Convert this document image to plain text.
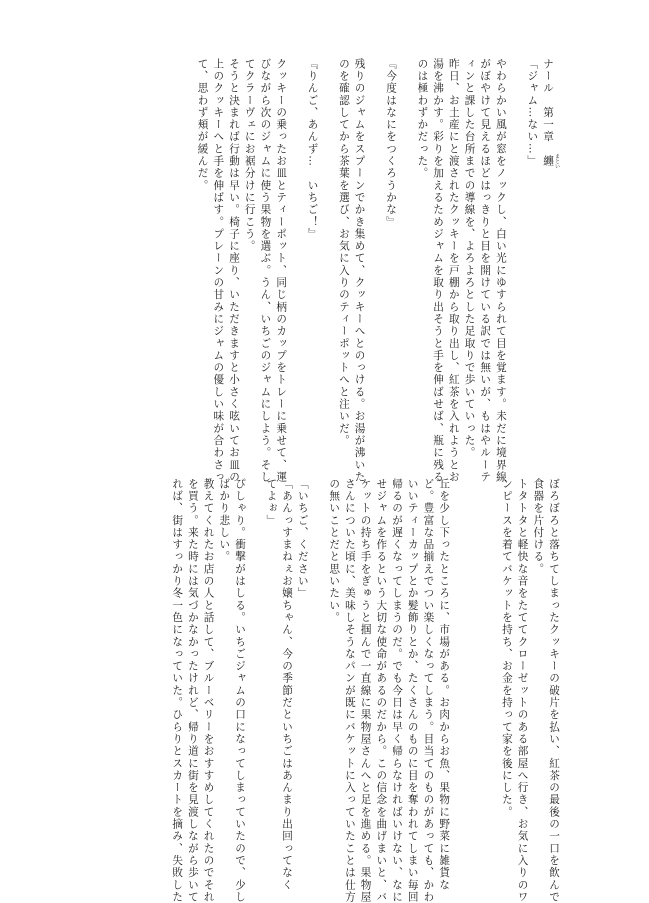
ナール　第一章　纏 まとい

「ジャム…ない…」

やわらかい風が窓をノックし、白い光にゆすられて目を覚ます。未だに境界線

がぼやけて見えるほどはっきりと目を開けている訳では無いが、もはやルーテ

ィンと課した台所までの導線を、よろよろとした足取りで歩いていった。

昨日、お土産にと渡されたクッキーを戸棚から取り出し、紅茶を入れようとお

湯を沸かす。彩りを加えるためジャムを取り出そうと手を伸ばせば、瓶に残る

のは極わずかだった。

『今度はなにをつくろうかな』

残りのジャムをスプーンでかき集めて、クッキーへとのっける。お湯が沸いた

のを確認してから茶葉を選び、お気に入りのティーポットへと注いだ。

『りんご、あんず…　いちご！』

クッキーの乗ったお皿とティーポット、同じ柄のカップをトレーに乗せて、運

びながら次のジャムに使う果物を選ぶ。うん、いちごのジャムにしよう。そし

てクラーヴェにお裾分けに行こう。

そうと決まれば行動は早い。椅子に座り、いただきますと小さく呟いてお皿の

上のクッキーへと手を伸ばす。プレーンの甘みにジャムの優しい味が合わさっ

て、思わず頬が緩んだ。

ぼろぼろと落ちてしまったクッキーの破片を払い、紅茶の最後の一口を飲んで

食器を片付ける。

トタトタと軽快な音をたててクローゼットのある部屋へ行き、お気に入りのワ

ンピースを着てバケットを持ち、お金を持って家を後にした。

丘を少し下ったところに、市場がある。お肉からお魚、果物に野菜に雑貨な

ど。豊富な品揃えでつい楽しくなってしまう。目当てのものがあっても、かわ

いいティーカップとか髪飾りとか、たくさんのものに目を奪われてしまい毎回

帰るのが遅くなってしまうのだ。でも今日は早く帰らなければいけない、なに

せジャムを作るという大切な使命があるのだから。この信念を曲げまいと、バ

ケットの持ち手をぎゅうと掴んで一直線に果物屋さんへと足を進める。果物屋

さんについた頃に、美味しそうなパンが既にバケットに入っていたことは仕方

の無いことだと思いたい。

「いちご、ください」

「あんっすまねぇお嬢ちゃん、今の季節だといちごはあんまり出回ってなく

てよぉ」

ぴしゃり。衝撃がはしる。いちごジャムの口になってしまっていたので、少し

ばかり悲しい。

教えてくれたお店の人と話して、ブルーベリーをおすすめしてくれたのでそれ

を買う。来た時には気づかなかったけれど、帰り道に街を見渡しながら歩いて

れば、街はすっかり冬一色になっていた。ひらりとスカートを摘み、失敗した
